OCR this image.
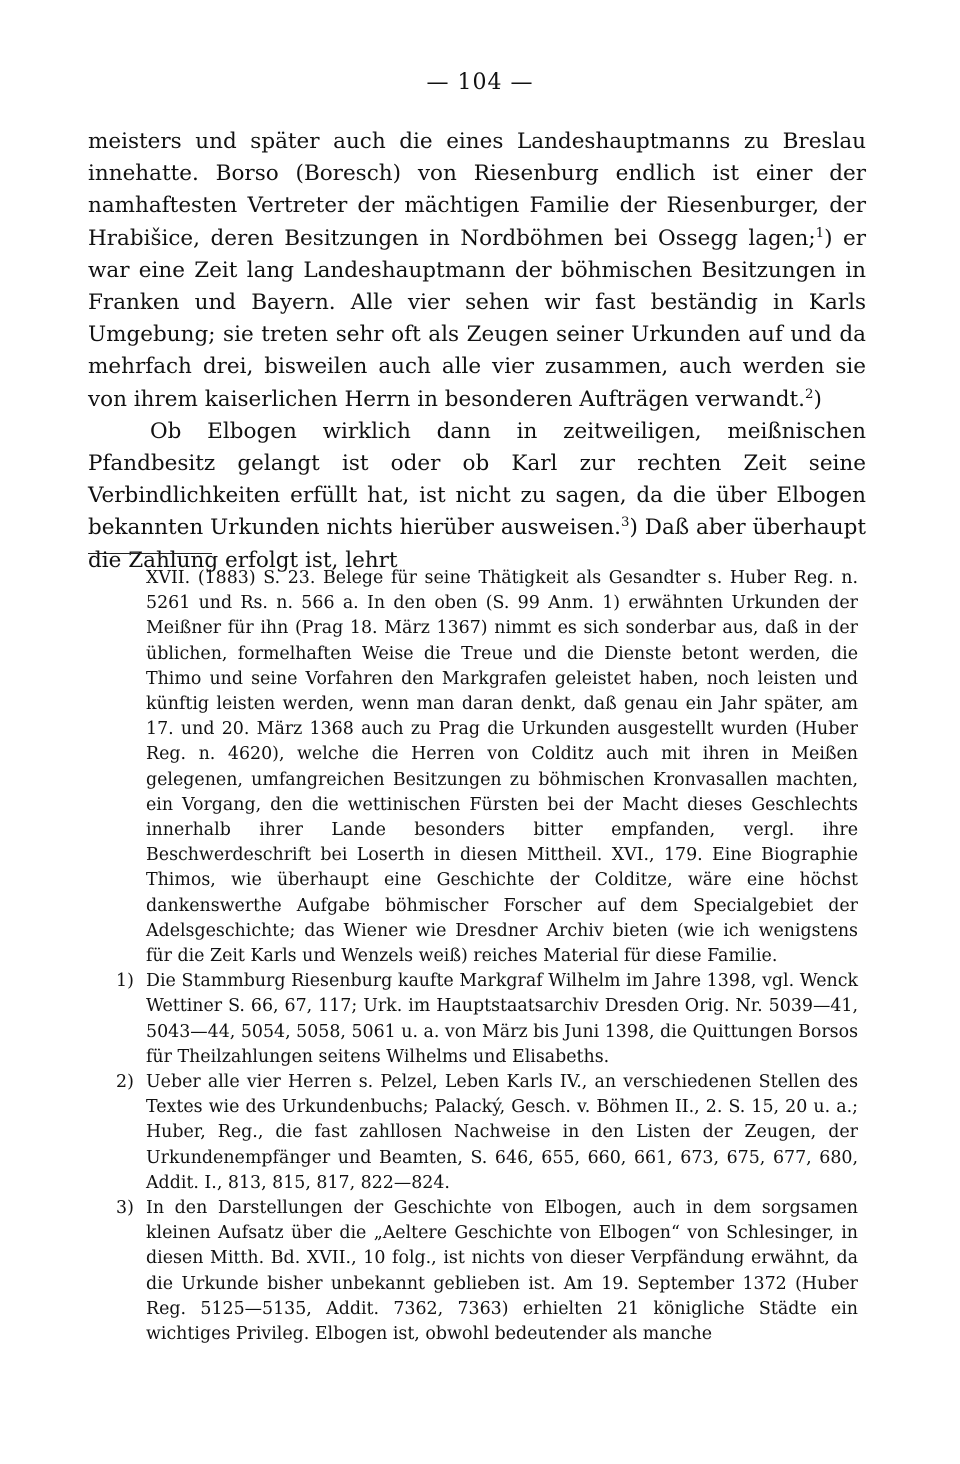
— 104 —

meisters und später auch die eines Landeshauptmanns zu Breslau innehatte. Borso (Boresch) von Riesenburg endlich ist einer der namhaftesten Vertreter der mächtigen Familie der Riesenburger, der Hrabišice, deren Besitzungen in Nordböhmen bei Ossegg lagen;$^1$) er war eine Zeit lang Landeshauptmann der böhmischen Besitzungen in Franken und Bayern. Alle vier sehen wir fast beständig in Karls Umgebung; sie treten sehr oft als Zeugen seiner Urkunden auf und da mehrfach drei, bisweilen auch alle vier zusammen, auch werden sie von ihrem kaiserlichen Herrn in besonderen Aufträgen verwandt.$^2$)

Ob Elbogen wirklich dann in zeitweiligen, meißnischen Pfandbesitz gelangt ist oder ob Karl zur rechten Zeit seine Verbindlichkeiten erfüllt hat, ist nicht zu sagen, da die über Elbogen bekannten Urkunden nichts hierüber ausweisen.$^3$) Daß aber überhaupt die Zahlung erfolgt ist, lehrt

XVII. (1883) S. 23. Belege für seine Thätigkeit als Gesandter s. Huber Reg. n. 5261 und Rs. n. 566 a. In den oben (S. 99 Anm. 1) erwähnten Urkunden der Meißner für ihn (Prag 18. März 1367) nimmt es sich sonderbar aus, daß in der üblichen, formelhaften Weise die Treue und die Dienste betont werden, die Thimo und seine Vorfahren den Markgrafen geleistet haben, noch leisten und künftig leisten werden, wenn man daran denkt, daß genau ein Jahr später, am 17. und 20. März 1368 auch zu Prag die Urkunden ausgestellt wurden (Huber Reg. n. 4620), welche die Herren von Colditz auch mit ihren in Meißen gelegenen, umfangreichen Besitzungen zu böhmischen Kronvasallen machten, ein Vorgang, den die wettinischen Fürsten bei der Macht dieses Geschlechts innerhalb ihrer Lande besonders bitter empfanden, vergl. ihre Beschwerdeschrift bei Loserth in diesen Mittheil. XVI., 179. Eine Biographie Thimos, wie überhaupt eine Geschichte der Colditze, wäre eine höchst dankenswerthe Aufgabe böhmischer Forscher auf dem Specialgebiet der Adelsgeschichte; das Wiener wie Dresdner Archiv bieten (wie ich wenigstens für die Zeit Karls und Wenzels weiß) reiches Material für diese Familie.

1) Die Stammburg Riesenburg kaufte Markgraf Wilhelm im Jahre 1398, vgl. Wenck Wettiner S. 66, 67, 117; Urk. im Hauptstaatsarchiv Dresden Orig. Nr. 5039—41, 5043—44, 5054, 5058, 5061 u. a. von März bis Juni 1398, die Quittungen Borsos für Theilzahlungen seitens Wilhelms und Elisabeths.

2) Ueber alle vier Herren s. Pelzel, Leben Karls IV., an verschiedenen Stellen des Textes wie des Urkundenbuchs; Palacký, Gesch. v. Böhmen II., 2. S. 15, 20 u. a.; Huber, Reg., die fast zahllosen Nachweise in den Listen der Zeugen, der Urkundenempfänger und Beamten, S. 646, 655, 660, 661, 673, 675, 677, 680, Addit. I., 813, 815, 817, 822—824.

3) In den Darstellungen der Geschichte von Elbogen, auch in dem sorgsamen kleinen Aufsatz über die „Aeltere Geschichte von Elbogen“ von Schlesinger, in diesen Mitth. Bd. XVII., 10 folg., ist nichts von dieser Verpfändung erwähnt, da die Urkunde bisher unbekannt geblieben ist. Am 19. September 1372 (Huber Reg. 5125—5135, Addit. 7362, 7363) erhielten 21 königliche Städte ein wichtiges Privileg. Elbogen ist, obwohl bedeutender als manche
